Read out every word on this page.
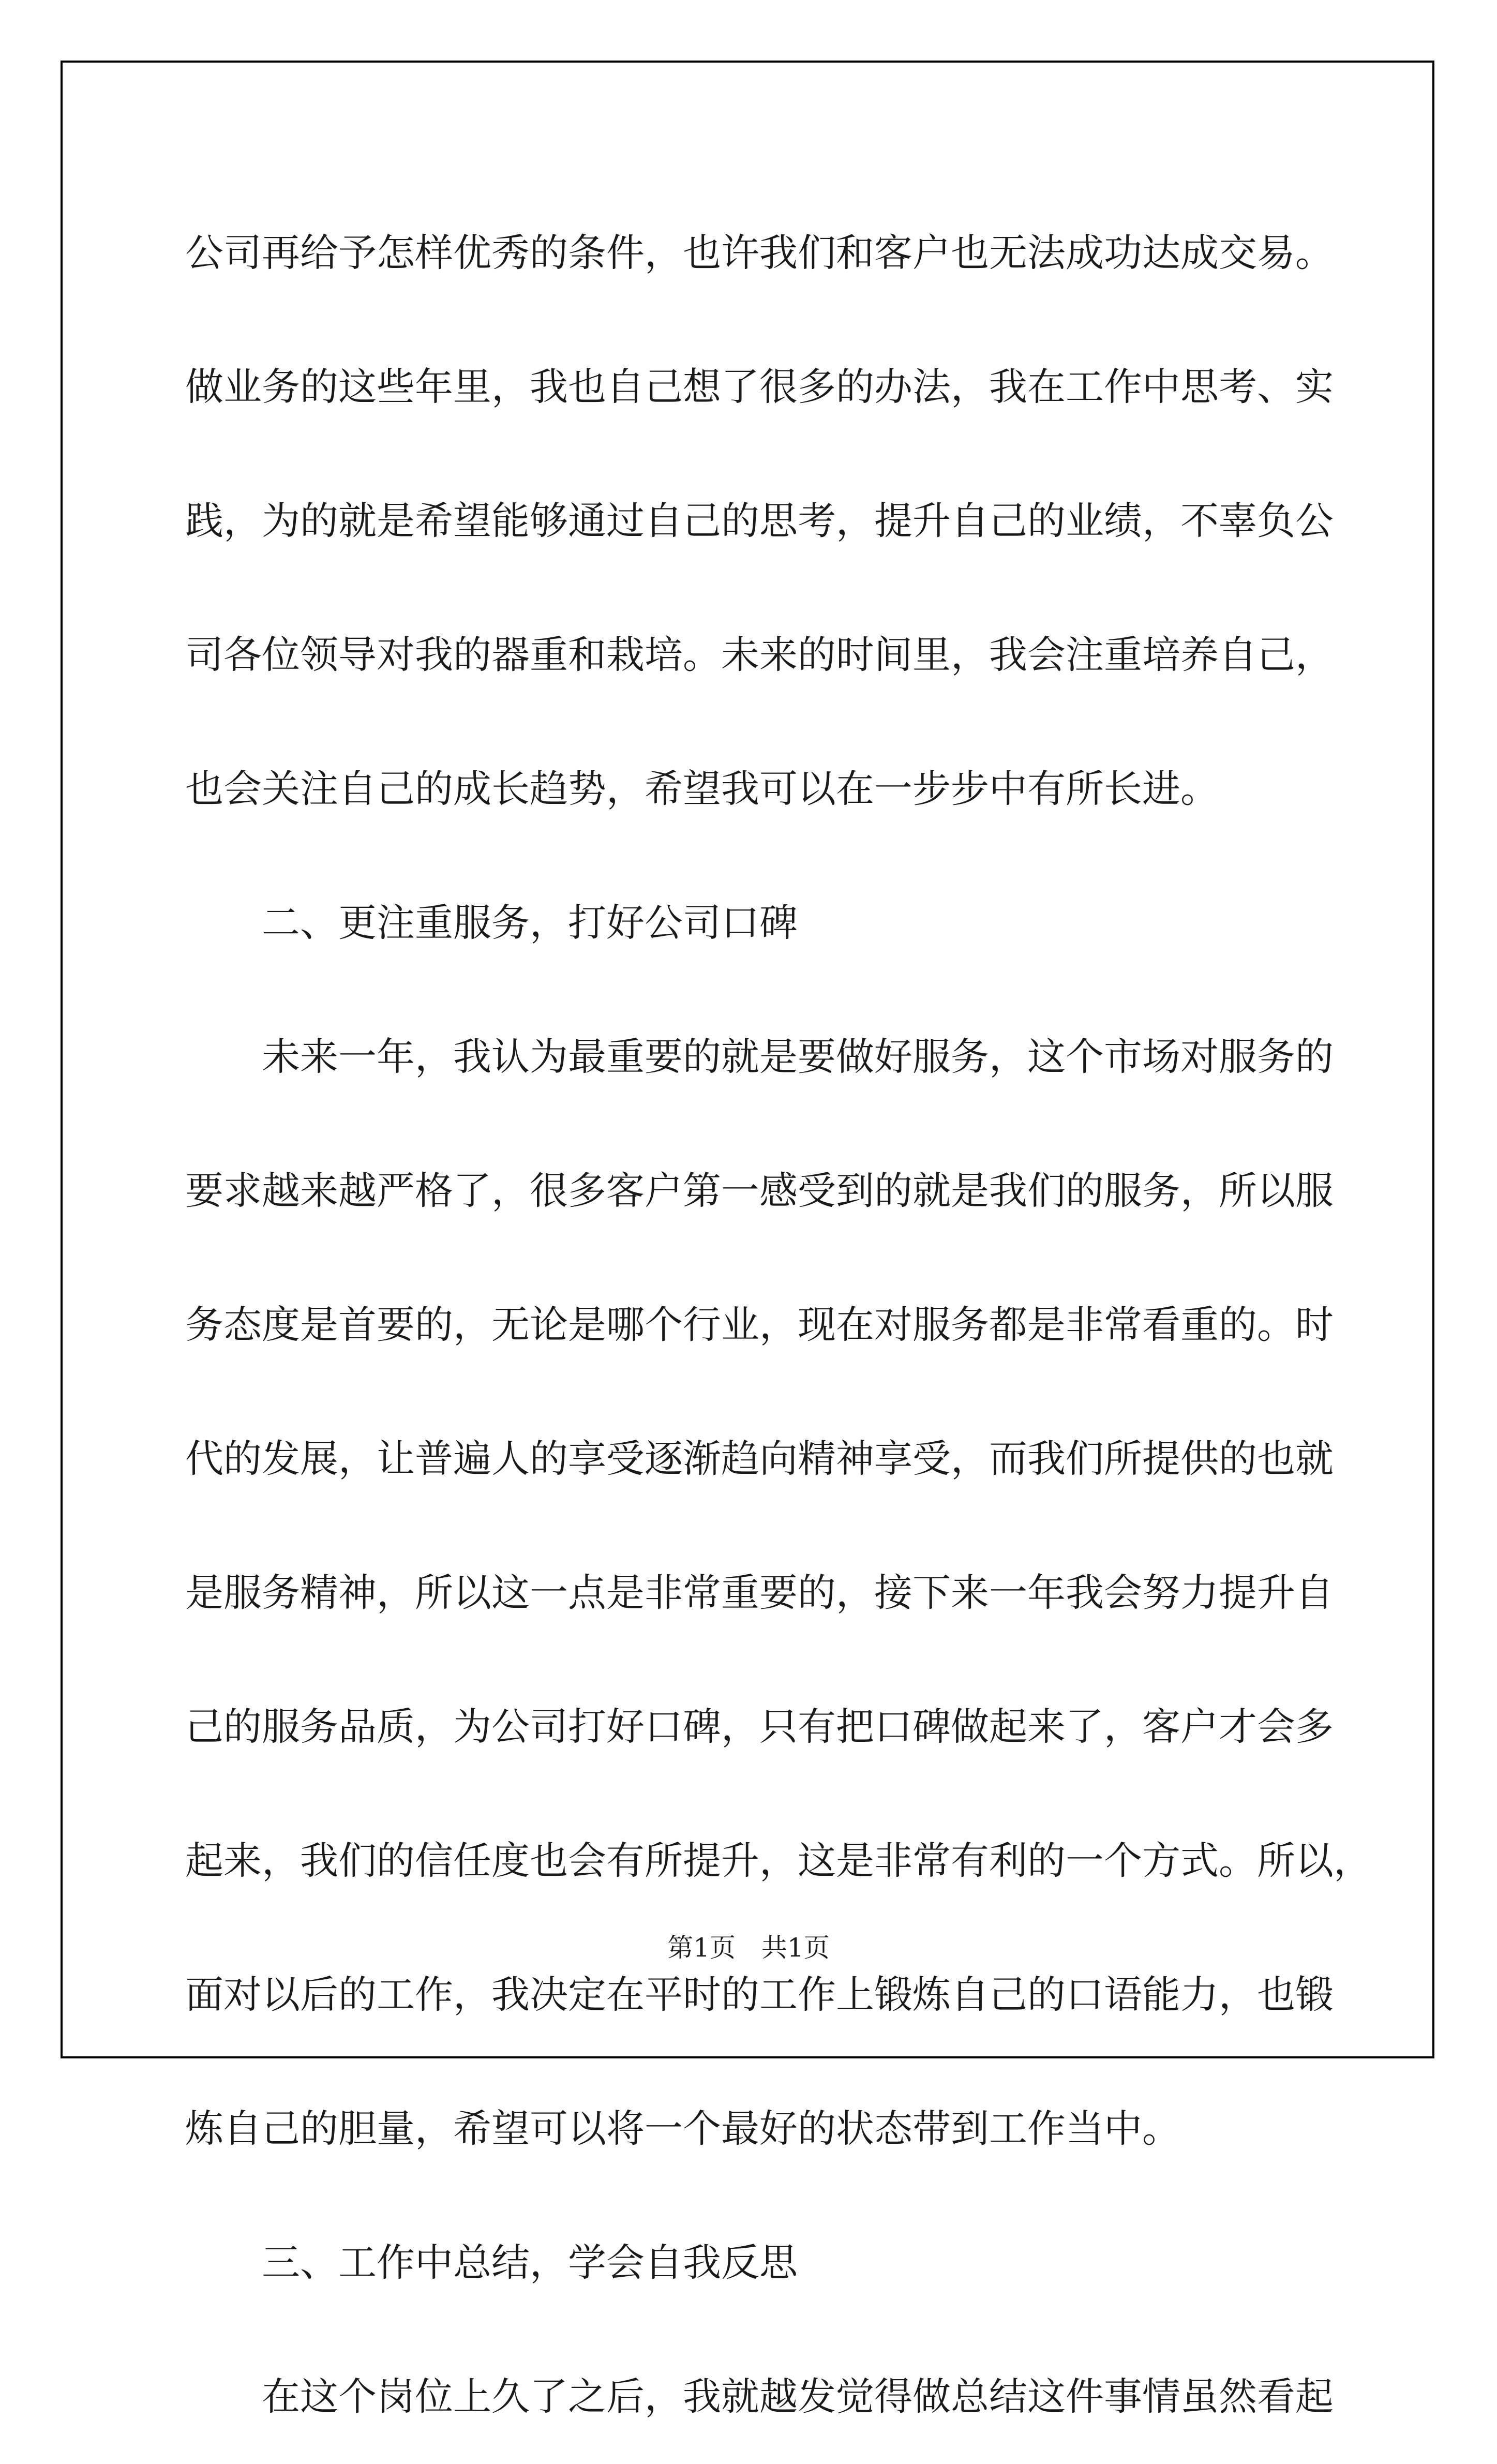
公司再给予怎样优秀的条件，也许我们和客户也无法成功达成交易。

做业务的这些年里，我也自己想了很多的办法，我在工作中思考、实

践，为的就是希望能够通过自己的思考，提升自己的业绩，不辜负公

司各位领导对我的器重和栽培。未来的时间里，我会注重培养自己，

也会关注自己的成长趋势，希望我可以在一步步中有所长进。

　　二、更注重服务，打好公司口碑

　　未来一年，我认为最重要的就是要做好服务，这个市场对服务的

要求越来越严格了，很多客户第一感受到的就是我们的服务，所以服

务态度是首要的，无论是哪个行业，现在对服务都是非常看重的。时

代的发展，让普遍人的享受逐渐趋向精神享受，而我们所提供的也就

是服务精神，所以这一点是非常重要的，接下来一年我会努力提升自

己的服务品质，为公司打好口碑，只有把口碑做起来了，客户才会多

起来，我们的信任度也会有所提升，这是非常有利的一个方式。所以，

面对以后的工作，我决定在平时的工作上锻炼自己的口语能力，也锻

炼自己的胆量，希望可以将一个最好的状态带到工作当中。

　　三、工作中总结，学会自我反思

　　在这个岗位上久了之后，我就越发觉得做总结这件事情虽然看起

第1页 共1页
